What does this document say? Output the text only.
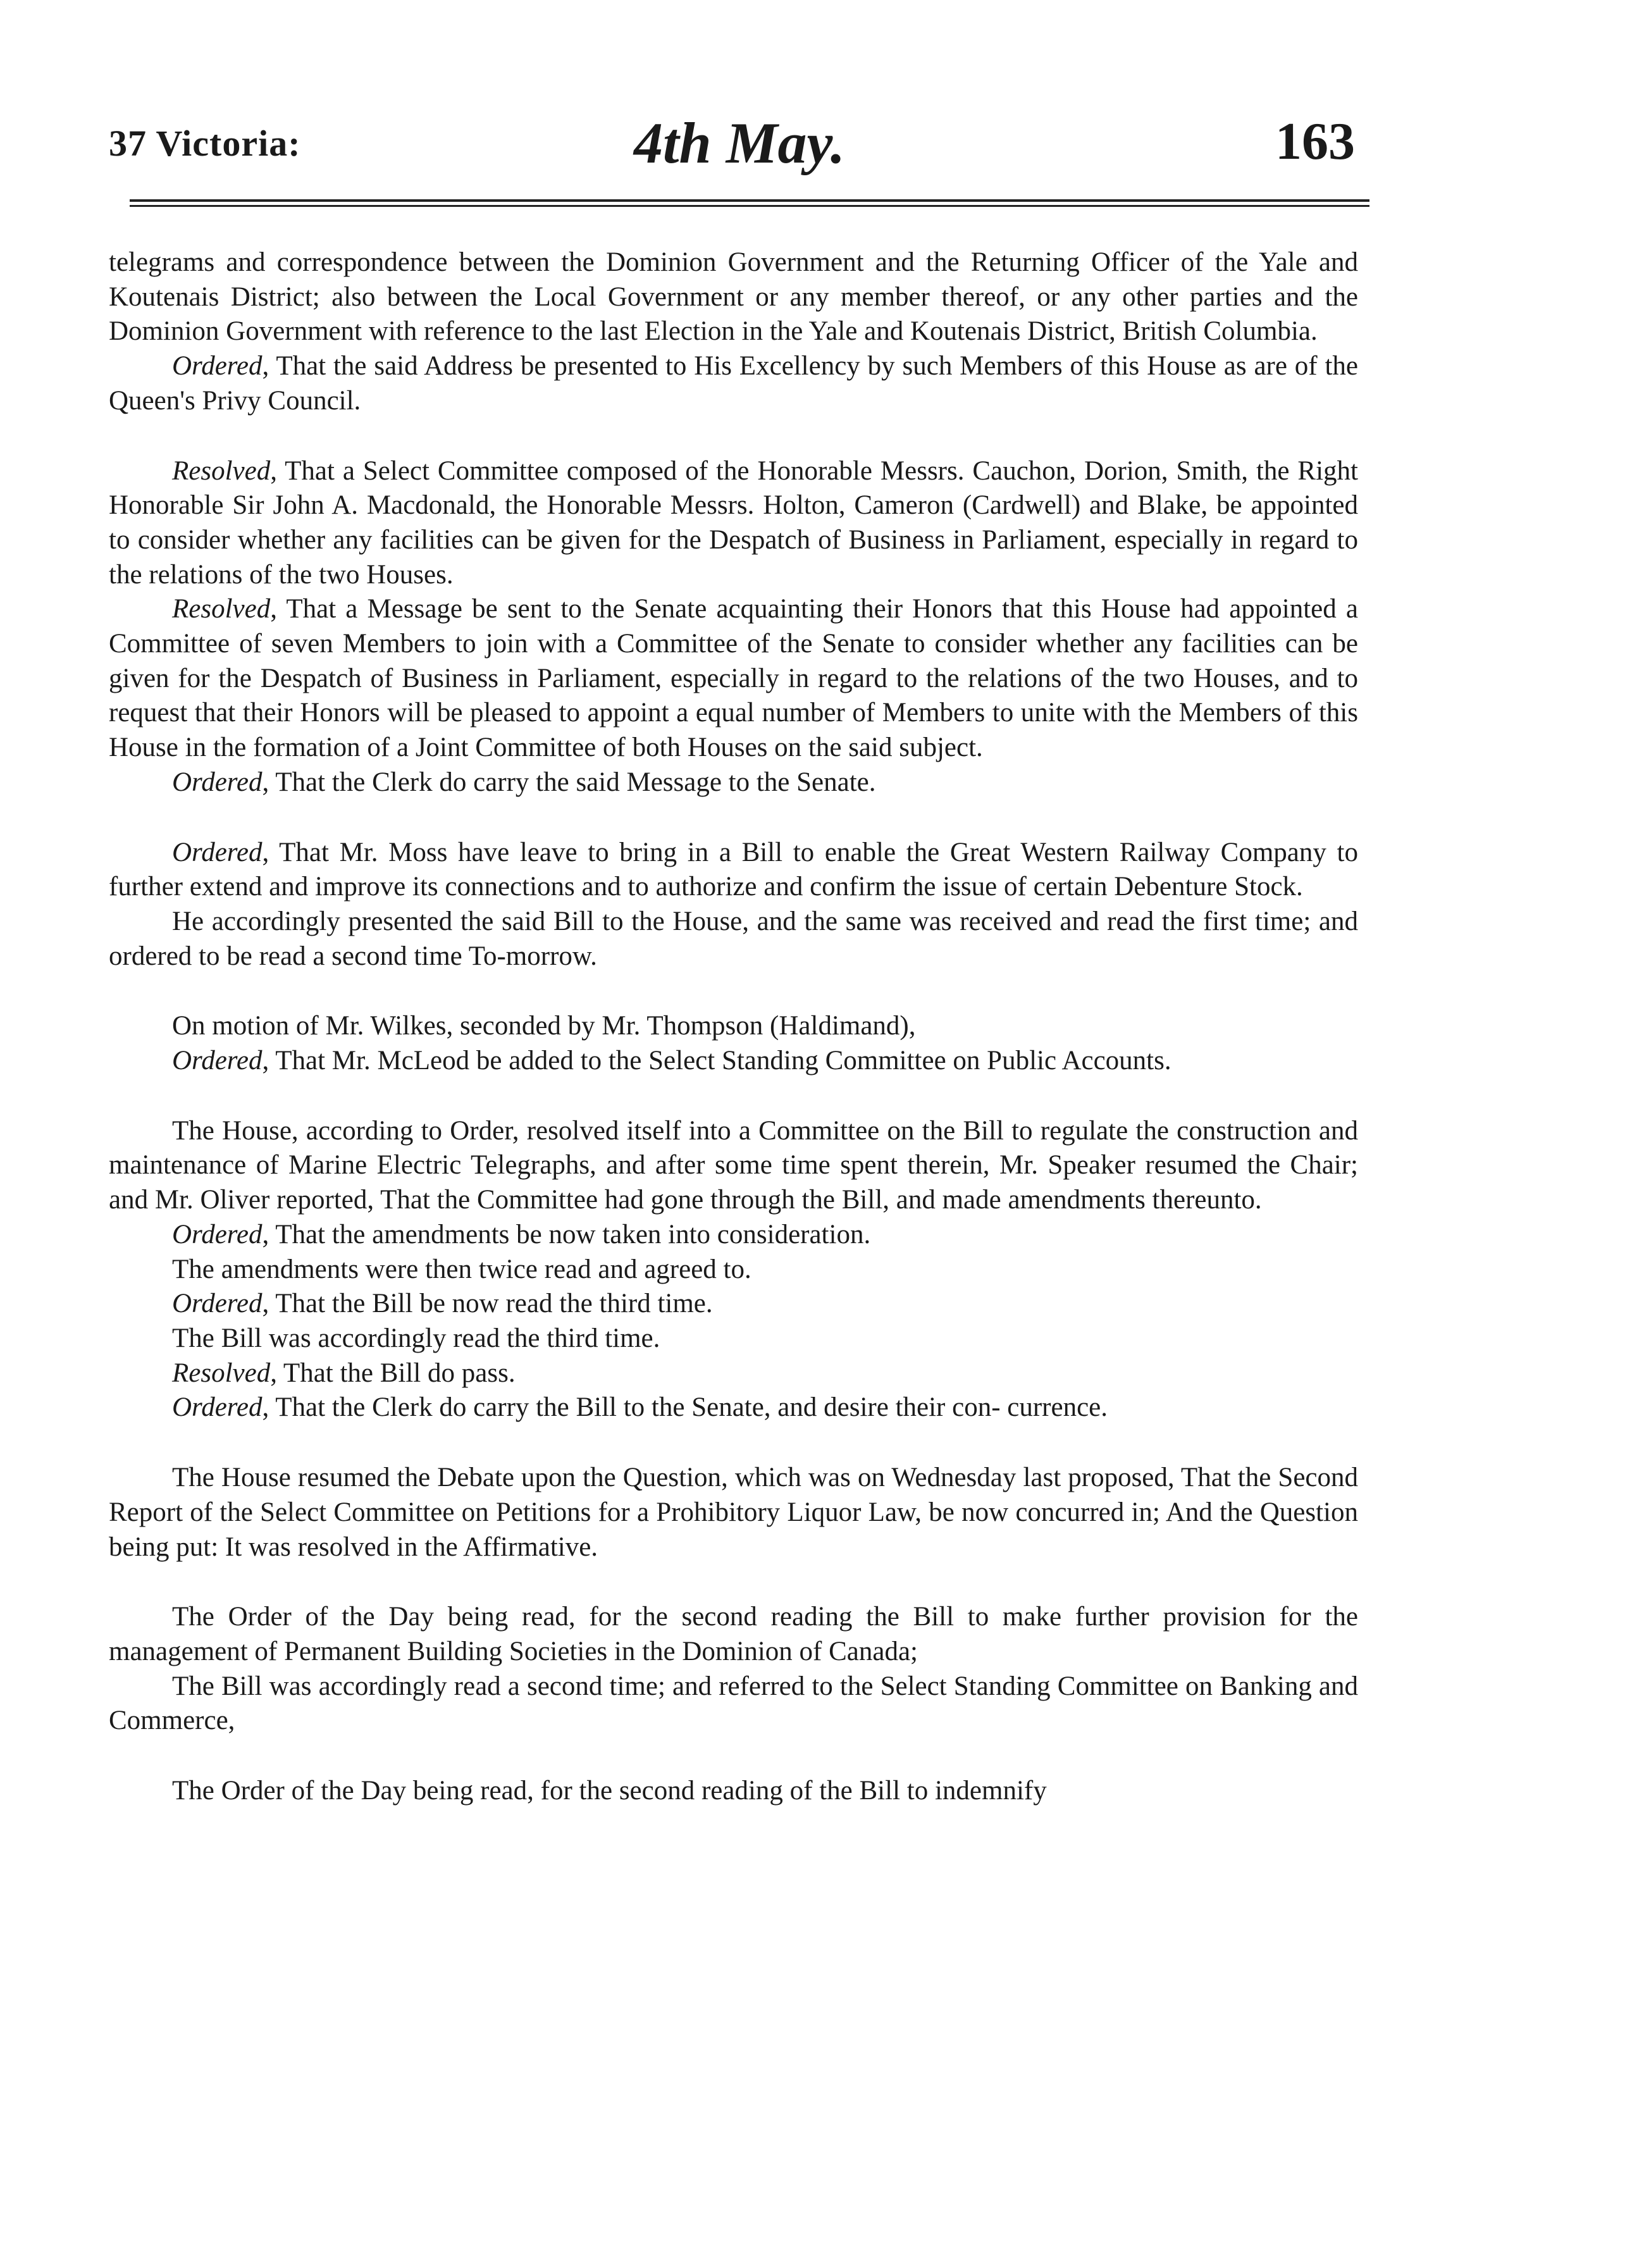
37 Victoria:	4th May.	163

telegrams and correspondence between the Dominion Government and the Returning Officer of the Yale and Koutenais District; also between the Local Government or any member thereof, or any other parties and the Dominion Government with reference to the last Election in the Yale and Koutenais District, British Columbia.

Ordered, That the said Address be presented to His Excellency by such Members of this House as are of the Queen's Privy Council.

Resolved, That a Select Committee composed of the Honorable Messrs. Cauchon, Dorion, Smith, the Right Honorable Sir John A. Macdonald, the Honorable Messrs. Holton, Cameron (Cardwell) and Blake, be appointed to consider whether any facilities can be given for the Despatch of Business in Parliament, especially in regard to the relations of the two Houses.

Resolved, That a Message be sent to the Senate acquainting their Honors that this House had appointed a Committee of seven Members to join with a Committee of the Senate to consider whether any facilities can be given for the Despatch of Business in Parliament, especially in regard to the relations of the two Houses, and to request that their Honors will be pleased to appoint a equal number of Members to unite with the Members of this House in the formation of a Joint Committee of both Houses on the said subject.

Ordered, That the Clerk do carry the said Message to the Senate.

Ordered, That Mr. Moss have leave to bring in a Bill to enable the Great Western Railway Company to further extend and improve its connections and to authorize and confirm the issue of certain Debenture Stock.

He accordingly presented the said Bill to the House, and the same was received and read the first time; and ordered to be read a second time To-morrow.

On motion of Mr. Wilkes, seconded by Mr. Thompson (Haldimand),

Ordered, That Mr. McLeod be added to the Select Standing Committee on Public Accounts.

The House, according to Order, resolved itself into a Committee on the Bill to regulate the construction and maintenance of Marine Electric Telegraphs, and after some time spent therein, Mr. Speaker resumed the Chair; and Mr. Oliver reported, That the Committee had gone through the Bill, and made amendments thereunto.

Ordered, That the amendments be now taken into consideration.

The amendments were then twice read and agreed to.

Ordered, That the Bill be now read the third time.

The Bill was accordingly read the third time.

Resolved, That the Bill do pass.

Ordered, That the Clerk do carry the Bill to the Senate, and desire their con- currence.

The House resumed the Debate upon the Question, which was on Wednesday last proposed, That the Second Report of the Select Committee on Petitions for a Prohibitory Liquor Law, be now concurred in; And the Question being put: It was resolved in the Affirmative.

The Order of the Day being read, for the second reading the Bill to make further provision for the management of Permanent Building Societies in the Dominion of Canada;

The Bill was accordingly read a second time; and referred to the Select Standing Committee on Banking and Commerce,

The Order of the Day being read, for the second reading of the Bill to indemnify
